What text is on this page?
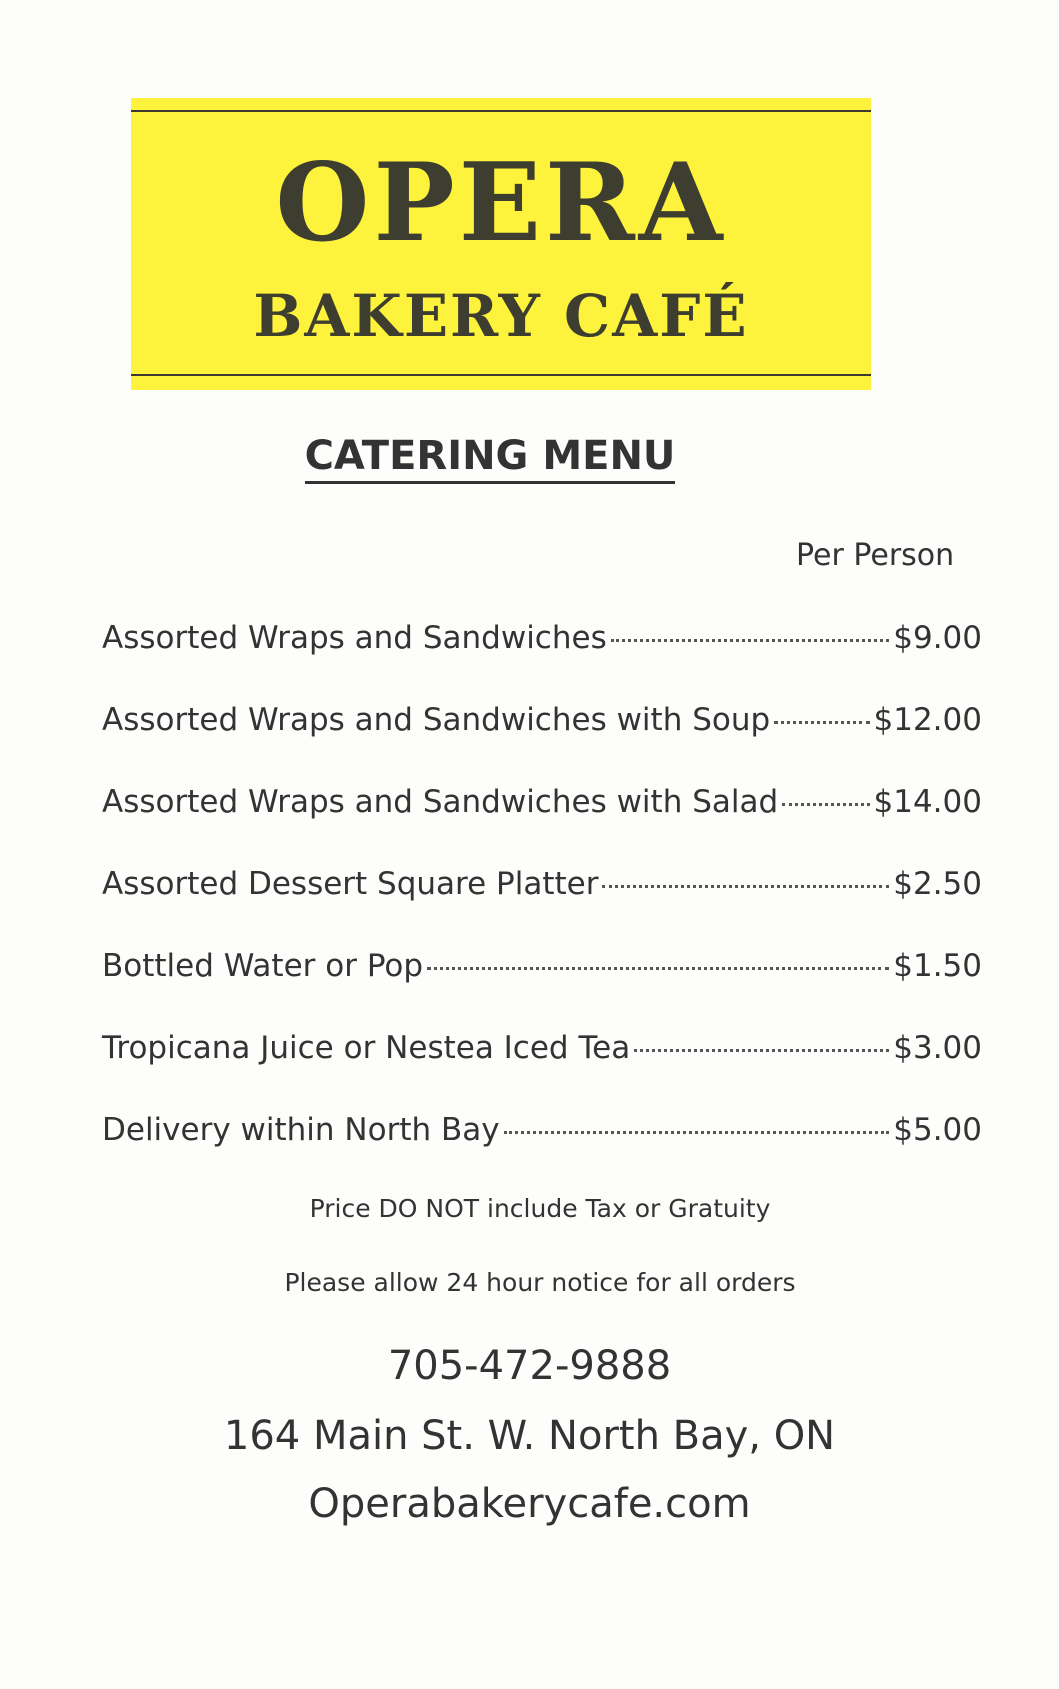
OPERA
BAKERY CAFÉ
CATERING MENU
Per Person
Assorted Wraps and Sandwiches	$9.00
Assorted Wraps and Sandwiches with Soup	$12.00
Assorted Wraps and Sandwiches with Salad	$14.00
Assorted Dessert Square Platter	$2.50
Bottled Water or Pop	$1.50
Tropicana Juice or Nestea Iced Tea	$3.00
Delivery within North Bay	$5.00
Price DO NOT include Tax or Gratuity
Please allow 24 hour notice for all orders
705-472-9888
164 Main St. W. North Bay, ON
Operabakerycafe.com
